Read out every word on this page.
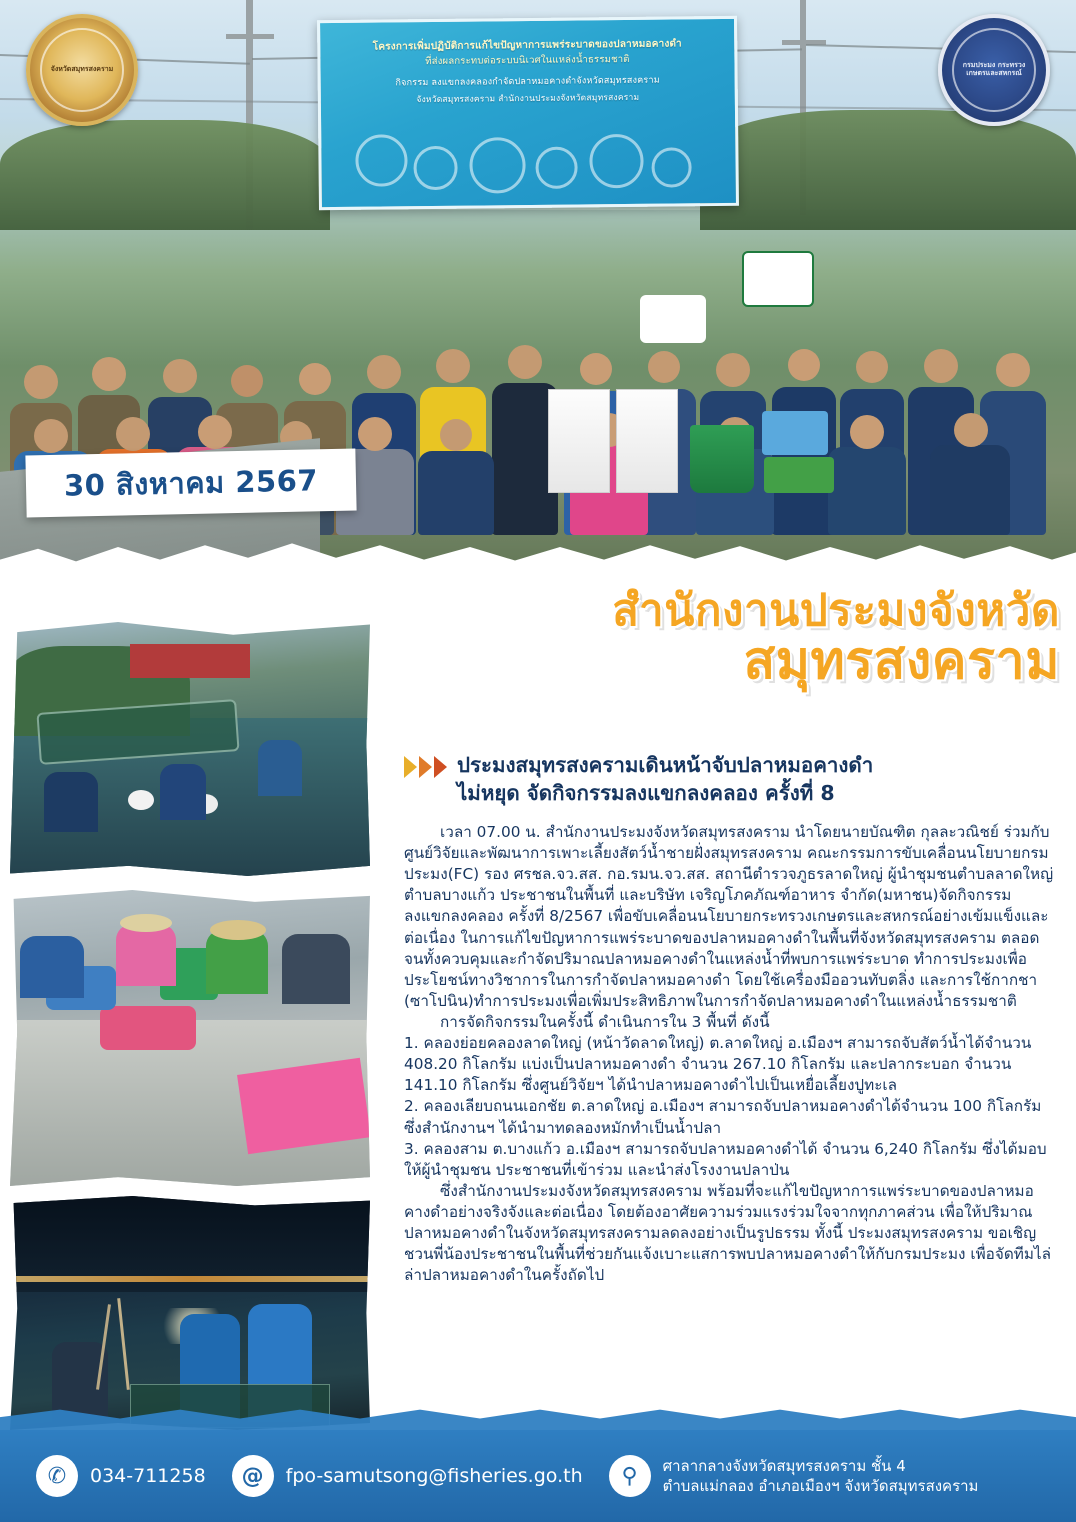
โครงการเพิ่มปฏิบัติการแก้ไขปัญหาการแพร่ระบาดของปลาหมอคางดำ
ที่ส่งผลกระทบต่อระบบนิเวศในแหล่งน้ำธรรมชาติ
กิจกรรม ลงแขกลงคลองกำจัดปลาหมอคางดำจังหวัดสมุทรสงคราม
จังหวัดสมุทรสงคราม สำนักงานประมงจังหวัดสมุทรสงคราม
จังหวัดสมุทรสงคราม	กรมประมง กระทรวงเกษตรและสหกรณ์
30 สิงหาคม 2567
สำนักงานประมงจังหวัด
สมุทรสงคราม
ประมงสมุทรสงครามเดินหน้าจับปลาหมอคางดำ
ไม่หยุด จัดกิจกรรมลงแขกลงคลอง ครั้งที่ 8

เวลา 07.00 น. สำนักงานประมงจังหวัดสมุทรสงคราม นำโดยนายบัณฑิต กุลละวณิชย์ ร่วมกับศูนย์วิจัยและพัฒนาการเพาะเลี้ยงสัตว์น้ำชายฝั่งสมุทรสงคราม คณะกรรมการขับเคลื่อนนโยบายกรมประมง(FC) รอง ศรชล.จว.สส. กอ.รมน.จว.สส. สถานีตำรวจภูธรลาดใหญ่ ผู้นำชุมชนตำบลลาดใหญ่ ตำบลบางแก้ว ประชาชนในพื้นที่ และบริษัท เจริญโภคภัณฑ์อาหาร จำกัด(มหาชน)จัดกิจกรรมลงแขกลงคลอง ครั้งที่ 8/2567 เพื่อขับเคลื่อนนโยบายกระทรวงเกษตรและสหกรณ์อย่างเข้มแข็งและต่อเนื่อง ในการแก้ไขปัญหาการแพร่ระบาดของปลาหมอคางดำในพื้นที่จังหวัดสมุทรสงคราม ตลอดจนทั้งควบคุมและกำจัดปริมาณปลาหมอคางดำในแหล่งน้ำที่พบการแพร่ระบาด ทำการประมงเพื่อประโยชน์ทางวิชาการในการกำจัดปลาหมอคางดำ โดยใช้เครื่องมืออวนทับตลิ่ง และการใช้กากชา (ซาโปนิน)ทำการประมงเพื่อเพิ่มประสิทธิภาพในการกำจัดปลาหมอคางดำในแหล่งน้ำธรรมชาติ

การจัดกิจกรรมในครั้งนี้ ดำเนินการใน 3 พื้นที่ ดังนี้

1. คลองย่อยคลองลาดใหญ่ (หน้าวัดลาดใหญ่) ต.ลาดใหญ่ อ.เมืองฯ สามารถจับสัตว์น้ำได้จำนวน 408.20 กิโลกรัม แบ่งเป็นปลาหมอคางดำ จำนวน 267.10 กิโลกรัม และปลากระบอก จำนวน 141.10 กิโลกรัม ซึ่งศูนย์วิจัยฯ ได้นำปลาหมอคางดำไปเป็นเหยื่อเลี้ยงปูทะเล

2. คลองเลียบถนนเอกชัย ต.ลาดใหญ่ อ.เมืองฯ สามารถจับปลาหมอคางดำได้จำนวน 100 กิโลกรัม ซึ่งสำนักงานฯ ได้นำมาทดลองหมักทำเป็นน้ำปลา

3. คลองสาม ต.บางแก้ว อ.เมืองฯ สามารถจับปลาหมอคางดำได้ จำนวน 6,240 กิโลกรัม ซึ่งได้มอบให้ผู้นำชุมชน ประชาชนที่เข้าร่วม และนำส่งโรงงานปลาป่น

ซึ่งสำนักงานประมงจังหวัดสมุทรสงคราม พร้อมที่จะแก้ไขปัญหาการแพร่ระบาดของปลาหมอคางดำอย่างจริงจังและต่อเนื่อง โดยต้องอาศัยความร่วมแรงร่วมใจจากทุกภาคส่วน เพื่อให้ปริมาณปลาหมอคางดำในจังหวัดสมุทรสงครามลดลงอย่างเป็นรูปธรรม ทั้งนี้ ประมงสมุทรสงคราม ขอเชิญชวนพี่น้องประชาชนในพื้นที่ช่วยกันแจ้งเบาะแสการพบปลาหมอคางดำให้กับกรมประมง เพื่อจัดทีมไล่ล่าปลาหมอคางดำในครั้งถัดไป

✆	034-711258	@	fpo-samutsong@fisheries.go.th	⚲	ศาลากลางจังหวัดสมุทรสงคราม ชั้น 4
ตำบลแม่กลอง อำเภอเมืองฯ จังหวัดสมุทรสงคราม
